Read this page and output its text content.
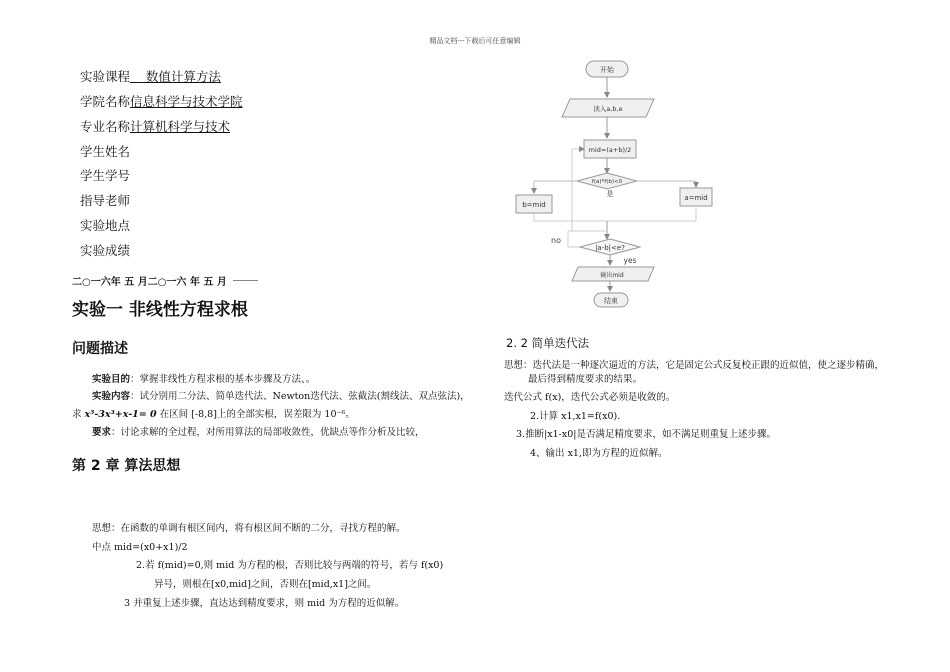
精品文档---下载后可任意编辑
实验课程    数值计算方法
学院名称信息科学与技术学院
专业名称计算机科学与技术
学生姓名
学生学号
指导老师
实验地点
实验成绩
二○一六年 五 月二○一六 年 五 月
实验一 非线性方程求根
问题描述
实验目的：掌握非线性方程求根的基本步骤及方法、。
实验内容：试分别用二分法、简单迭代法、Newton迭代法、弦截法(割线法、双点弦法)，
求 x⁵-3x³+x-1= 0 在区间 [-8,8]上的全部实根，误差限为 10⁻⁶。
要求：讨论求解的全过程，对所用算法的局部收敛性，优缺点等作分析及比较，
第 2 章 算法思想
思想：在函数的单调有根区间内，将有根区间不断的二分，寻找方程的解。
中点 mid=(x0+x1)/2
2.若 f(mid)=0,则 mid 为方程的根，否则比较与两端的符号，若与 f(x0)
异号，则根在[x0,mid]之间，否则在[mid,x1]之间。
3 并重复上述步骤，直达达到精度要求，则 mid 为方程的近似解。
2. 2 简单迭代法
思想：迭代法是一种逐次逼近的方法，它是固定公式反复校正跟的近似值，使之逐步精确，
最后得到精度要求的结果。
迭代公式 f(x)，迭代公式必须是收敛的。
2.计算 x1,x1=f(x0).
3.推断|x1-x0|是否满足精度要求，如不满足则重复上述步骤。
4、输出 x1,即为方程的近似解。
开始
读入a,b,e
mid=(a+b)/2
f(a)*f(b)<0
是
b=mid
a=mid
no
|a-b|<e?
yes
输出mid
结束
